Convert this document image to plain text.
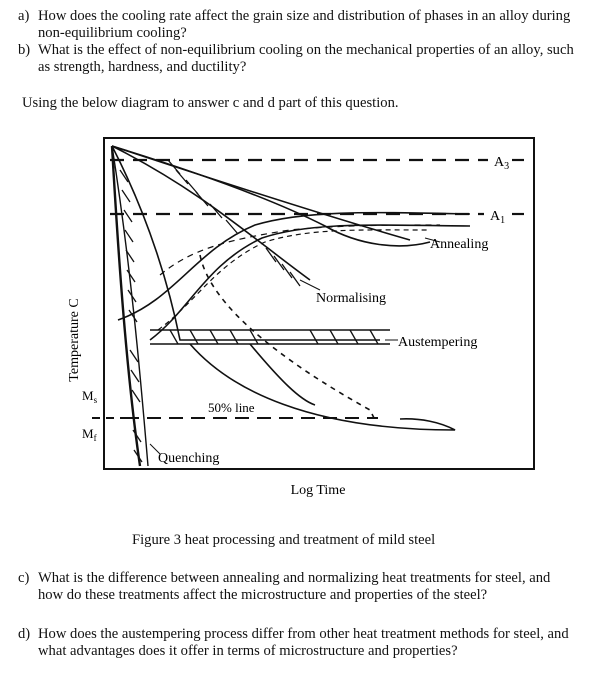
a) How does the cooling rate affect the grain size and distribution of phases in an alloy during non-equilibrium cooling?
b) What is the effect of non-equilibrium cooling on the mechanical properties of an alloy, such as strength, hardness, and ductility?
Using the below diagram to answer c and d part of this question.
Temperature C
Log Time
$A_3$
$A_1$
$M_s$
$M_f$
Annealing
Normalising
Austempering
50% line
Quenching
Figure 3 heat processing and treatment of mild steel
c) What is the difference between annealing and normalizing heat treatments for steel, and how do these treatments affect the microstructure and properties of the steel?
d) How does the austempering process differ from other heat treatment methods for steel, and what advantages does it offer in terms of microstructure and properties?
